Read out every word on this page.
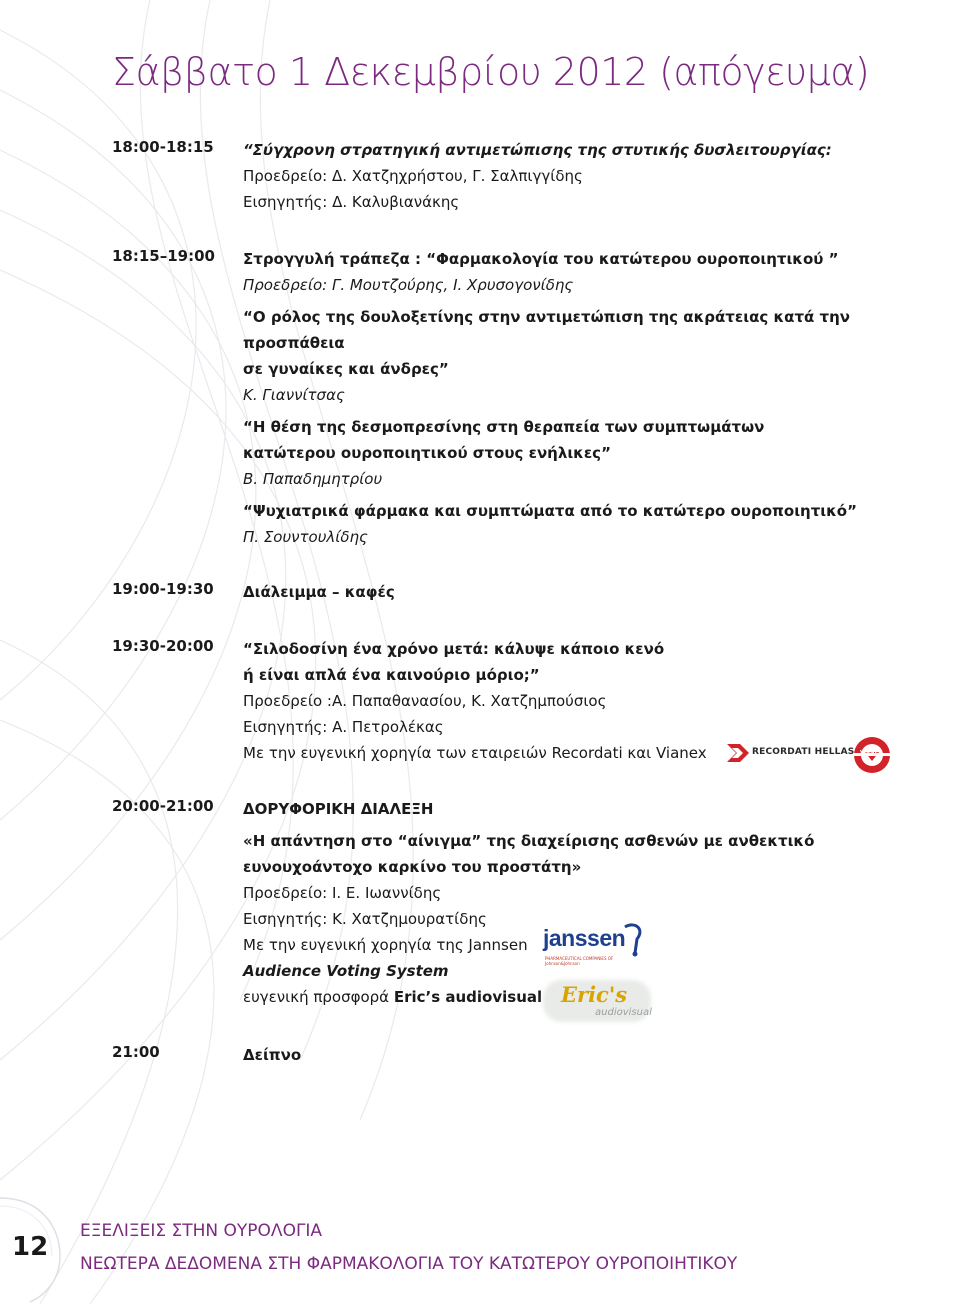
Σάββατο 1 Δεκεμβρίου 2012 (απόγευμα)
18:00-18:15 “Σύγχρονη στρατηγική αντιμετώπισης της στυτικής δυσλειτουργίας:
Προεδρείο: Δ. Χατζηχρήστου, Γ. Σαλπιγγίδης
Εισηγητής: Δ. Καλυβιανάκης
18:15–19:00 Στρογγυλή τράπεζα : “Φαρμακολογία του κατώτερου ουροποιητικού ”
Προεδρείο: Γ. Μουτζούρης, Ι. Χρυσογονίδης
“Ο ρόλος της δουλοξετίνης στην αντιμετώπιση της ακράτειας κατά την
προσπάθεια
σε γυναίκες και άνδρες”
Κ. Γιαννίτσας
“Η θέση της δεσμοπρεσίνης στη θεραπεία των συμπτωμάτων
κατώτερου ουροποιητικού στους ενήλικες”
Β. Παπαδημητρίου
“Ψυχιατρικά φάρμακα και συμπτώματα από το κατώτερο ουροποιητικό”
Π. Σουντουλίδης
19:00-19:30 Διάλειμμα – καφές
19:30-20:00 “Σιλοδοσίνη ένα χρόνο μετά: κάλυψε κάποιο κενό
ή είναι απλά ένα καινούριο μόριο;”
Προεδρείο :Α. Παπαθανασίου, Κ. Χατζημπούσιος
Εισηγητής: Α. Πετρολέκας
Με την ευγενική χορηγία των εταιρειών Recordati και Vianex	RECORDATI HELLAS VIANEX
20:00-21:00 ΔΟΡΥΦΟΡΙΚΗ ΔΙΑΛΕΞΗ
«Η απάντηση στο “αίνιγμα” της διαχείρισης ασθενών με ανθεκτικό
ευνουχοάντοχο καρκίνο του προστάτη»
Προεδρείο: Ι. Ε. Ιωαννίδης
Εισηγητής: Κ. Χατζημουρατίδης
Με την ευγενική χορηγία της Jannsen
Audience Voting System
ευγενική προσφορά Eric’s audiovisual
janssen
PHARMACEUTICAL COMPANIES OF Johnson&Johnson
Eric's
audiovisual
21:00	Δείπνο
12
ΕΞΕΛΙΞΕΙΣ ΣΤΗΝ ΟΥΡΟΛΟΓΙΑ
ΝΕΩΤΕΡΑ ΔΕΔΟΜΕΝΑ ΣΤΗ ΦΑΡΜΑΚΟΛΟΓΙΑ ΤΟΥ ΚΑΤΩΤΕΡΟΥ ΟΥΡΟΠΟΙΗΤΙΚΟΥ
